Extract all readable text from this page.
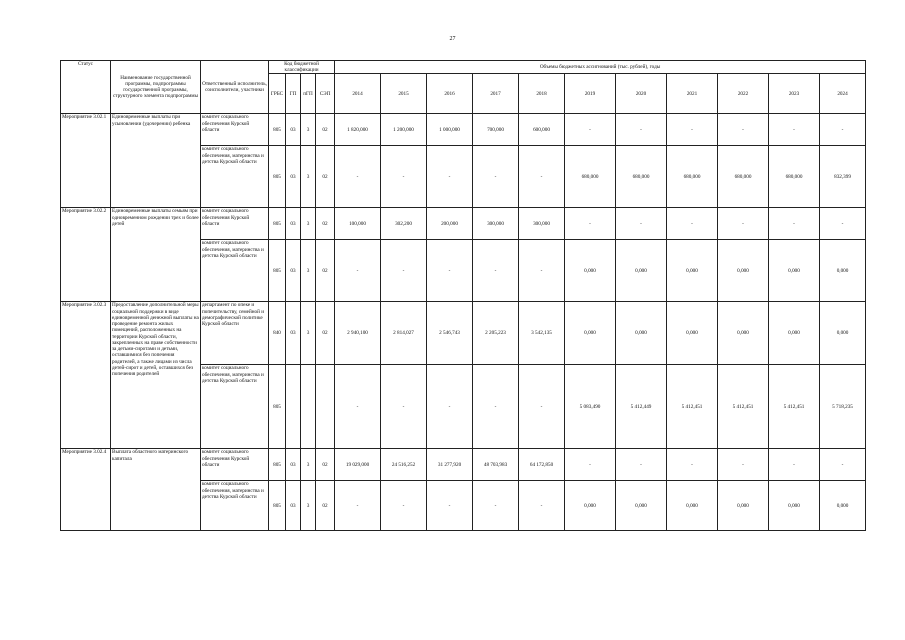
27
Статус	Наименование государственной программы, подпрограммы государственной программы, структурного элемента подпрограммы	Ответственный исполнитель, соисполнители, участники	Код бюджетной классификации				Объемы бюджетных ассигнований (тыс. рублей), годы										
			ГРБС	ГП	пГП	СЭП	2014	2015	2016	2017	2018	2019	2020	2021	2022	2023	2024
Мероприятие 3.02.1	Единовременные выплаты при усыновлении (удочерении) ребенка	комитет социального обеспечения Курской области	805	03	3	02	1 820,000	1 200,000	1 000,000	700,000	600,000	-	-	-	-	-	-
		комитет социального обеспечения, материнства и детства Курской области	805	03	3	02	-	-	-	-	-	680,000	680,000	680,000	680,000	680,000	832,399
Мероприятие 3.02.2	Единовременные выплаты семьям при одновременном рождении трех и более детей	комитет социального обеспечения Курской области	805	03	3	02	100,000	302,200	200,000	300,000	300,000	-	-	-	-	-	-
		комитет социального обеспечения, материнства и детства Курской области	805	03	3	02	-	-	-	-	-	0,000	0,000	0,000	0,000	0,000	0,000
Мероприятие 3.02.3	Предоставление дополнительной меры социальной поддержки в виде единовременной денежной выплаты на проведение ремонта жилых помещений, расположенных на территории Курской области, закрепленных на праве собственности за детьми-сиротами и детьми, оставшимися без попечения родителей, а также лицами из числа детей-сирот и детей, оставшихся без попечения родителей	департамент по опеке и попечительству, семейной и демографической политике Курской области	840	03	3	02	2 940,100	2 814,027	2 546,743	2 205,223	3 542,135	0,000	0,000	0,000	0,000	0,000	0,000
		комитет социального обеспечения, материнства и детства Курской области	805				-	-	-	-	-	5 083,490	5 412,449	5 412,451	5 412,451	5 412,451	5 718,235
Мероприятие 3.02.4	Выплата областного материнского капитала	комитет социального обеспечения Курской области	805	03	3	02	19 029,000	24 516,252	31 277,920	48 703,983	64 172,850	-	-	-	-	-	-
		комитет социального обеспечения, материнства и детства Курской области	805	03	3	02	-	-	-	-	-	0,000	0,000	0,000	0,000	0,000	0,000
